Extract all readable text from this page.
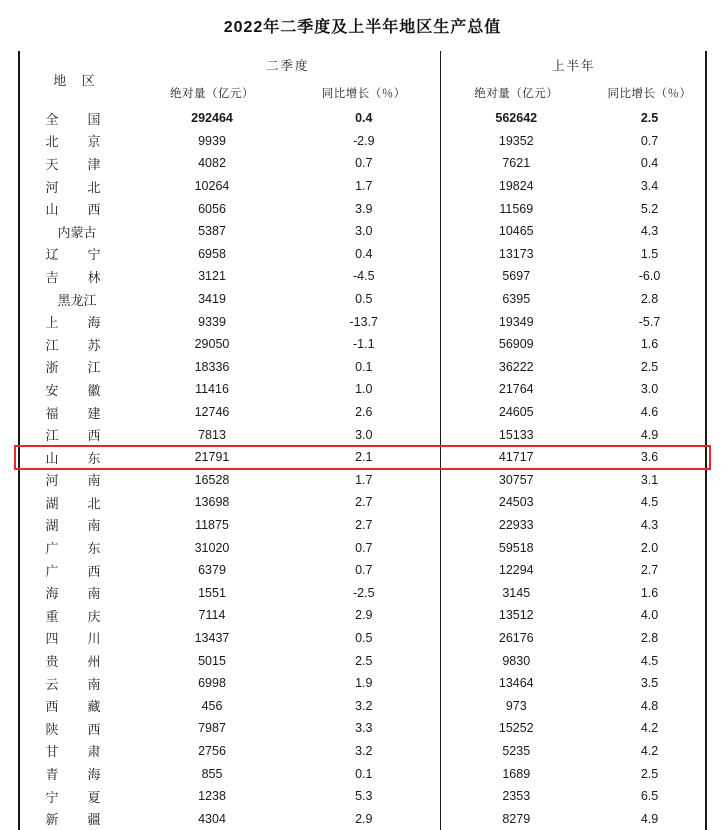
2022年二季度及上半年地区生产总值
地 区	二季度		上半年	
	绝对量（亿元）	同比增长（％）	绝对量（亿元）	同比增长（％）
全　国	292464	0.4	562642	2.5
北　京	9939	-2.9	19352	0.7
天　津	4082	0.7	7621	0.4
河　北	10264	1.7	19824	3.4
山　西	6056	3.9	11569	5.2
内蒙古	5387	3.0	10465	4.3
辽　宁	6958	0.4	13173	1.5
吉　林	3121	-4.5	5697	-6.0
黑龙江	3419	0.5	6395	2.8
上　海	9339	-13.7	19349	-5.7
江　苏	29050	-1.1	56909	1.6
浙　江	18336	0.1	36222	2.5
安　徽	11416	1.0	21764	3.0
福　建	12746	2.6	24605	4.6
江　西	7813	3.0	15133	4.9
山　东	21791	2.1	41717	3.6
河　南	16528	1.7	30757	3.1
湖　北	13698	2.7	24503	4.5
湖　南	11875	2.7	22933	4.3
广　东	31020	0.7	59518	2.0
广　西	6379	0.7	12294	2.7
海　南	1551	-2.5	3145	1.6
重　庆	7114	2.9	13512	4.0
四　川	13437	0.5	26176	2.8
贵　州	5015	2.5	9830	4.5
云　南	6998	1.9	13464	3.5
西　藏	456	3.2	973	4.8
陕　西	7987	3.3	15252	4.2
甘　肃	2756	3.2	5235	4.2
青　海	855	0.1	1689	2.5
宁　夏	1238	5.3	2353	6.5
新　疆	4304	2.9	8279	4.9
